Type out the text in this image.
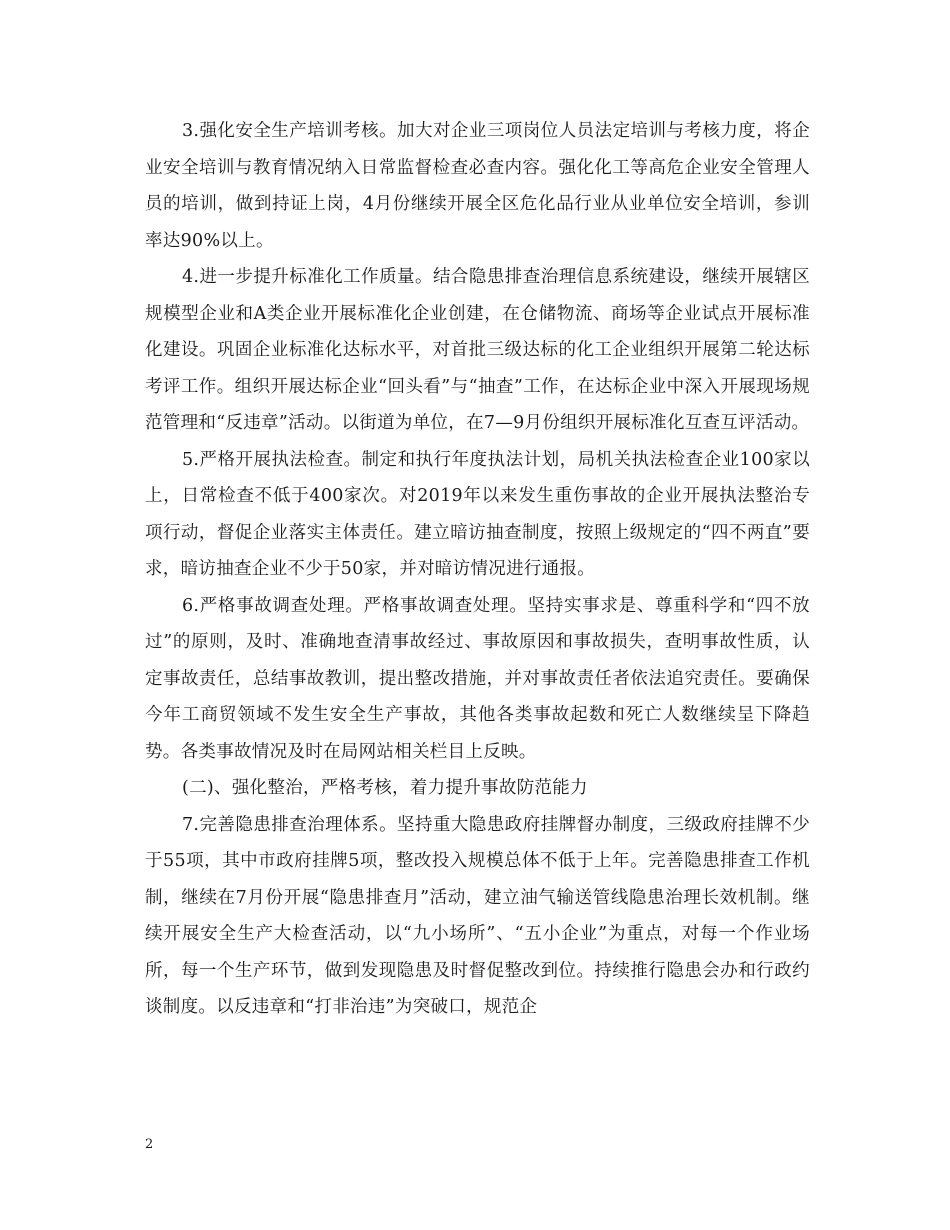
3.强化安全生产培训考核。加大对企业三项岗位人员法定培训与考核力度，将企业安全培训与教育情况纳入日常监督检查必查内容。强化化工等高危企业安全管理人员的培训，做到持证上岗，4月份继续开展全区危化品行业从业单位安全培训，参训率达90%以上。

4.进一步提升标准化工作质量。结合隐患排查治理信息系统建设，继续开展辖区规模型企业和A类企业开展标准化企业创建，在仓储物流、商场等企业试点开展标准化建设。巩固企业标准化达标水平，对首批三级达标的化工企业组织开展第二轮达标考评工作。组织开展达标企业“回头看”与“抽查”工作，在达标企业中深入开展现场规范管理和“反违章”活动。以街道为单位，在7—9月份组织开展标准化互查互评活动。

5.严格开展执法检查。制定和执行年度执法计划，局机关执法检查企业100家以上，日常检查不低于400家次。对2019年以来发生重伤事故的企业开展执法整治专项行动，督促企业落实主体责任。建立暗访抽查制度，按照上级规定的“四不两直”要求，暗访抽查企业不少于50家，并对暗访情况进行通报。

6.严格事故调查处理。严格事故调查处理。坚持实事求是、尊重科学和“四不放过”的原则，及时、准确地查清事故经过、事故原因和事故损失，查明事故性质，认定事故责任，总结事故教训，提出整改措施，并对事故责任者依法追究责任。要确保今年工商贸领域不发生安全生产事故，其他各类事故起数和死亡人数继续呈下降趋势。各类事故情况及时在局网站相关栏目上反映。

(二)、强化整治，严格考核，着力提升事故防范能力

7.完善隐患排查治理体系。坚持重大隐患政府挂牌督办制度，三级政府挂牌不少于55项，其中市政府挂牌5项，整改投入规模总体不低于上年。完善隐患排查工作机制，继续在7月份开展“隐患排查月”活动，建立油气输送管线隐患治理长效机制。继续开展安全生产大检查活动，以“九小场所”、“五小企业”为重点，对每一个作业场所，每一个生产环节，做到发现隐患及时督促整改到位。持续推行隐患会办和行政约谈制度。以反违章和“打非治违”为突破口，规范企

2
